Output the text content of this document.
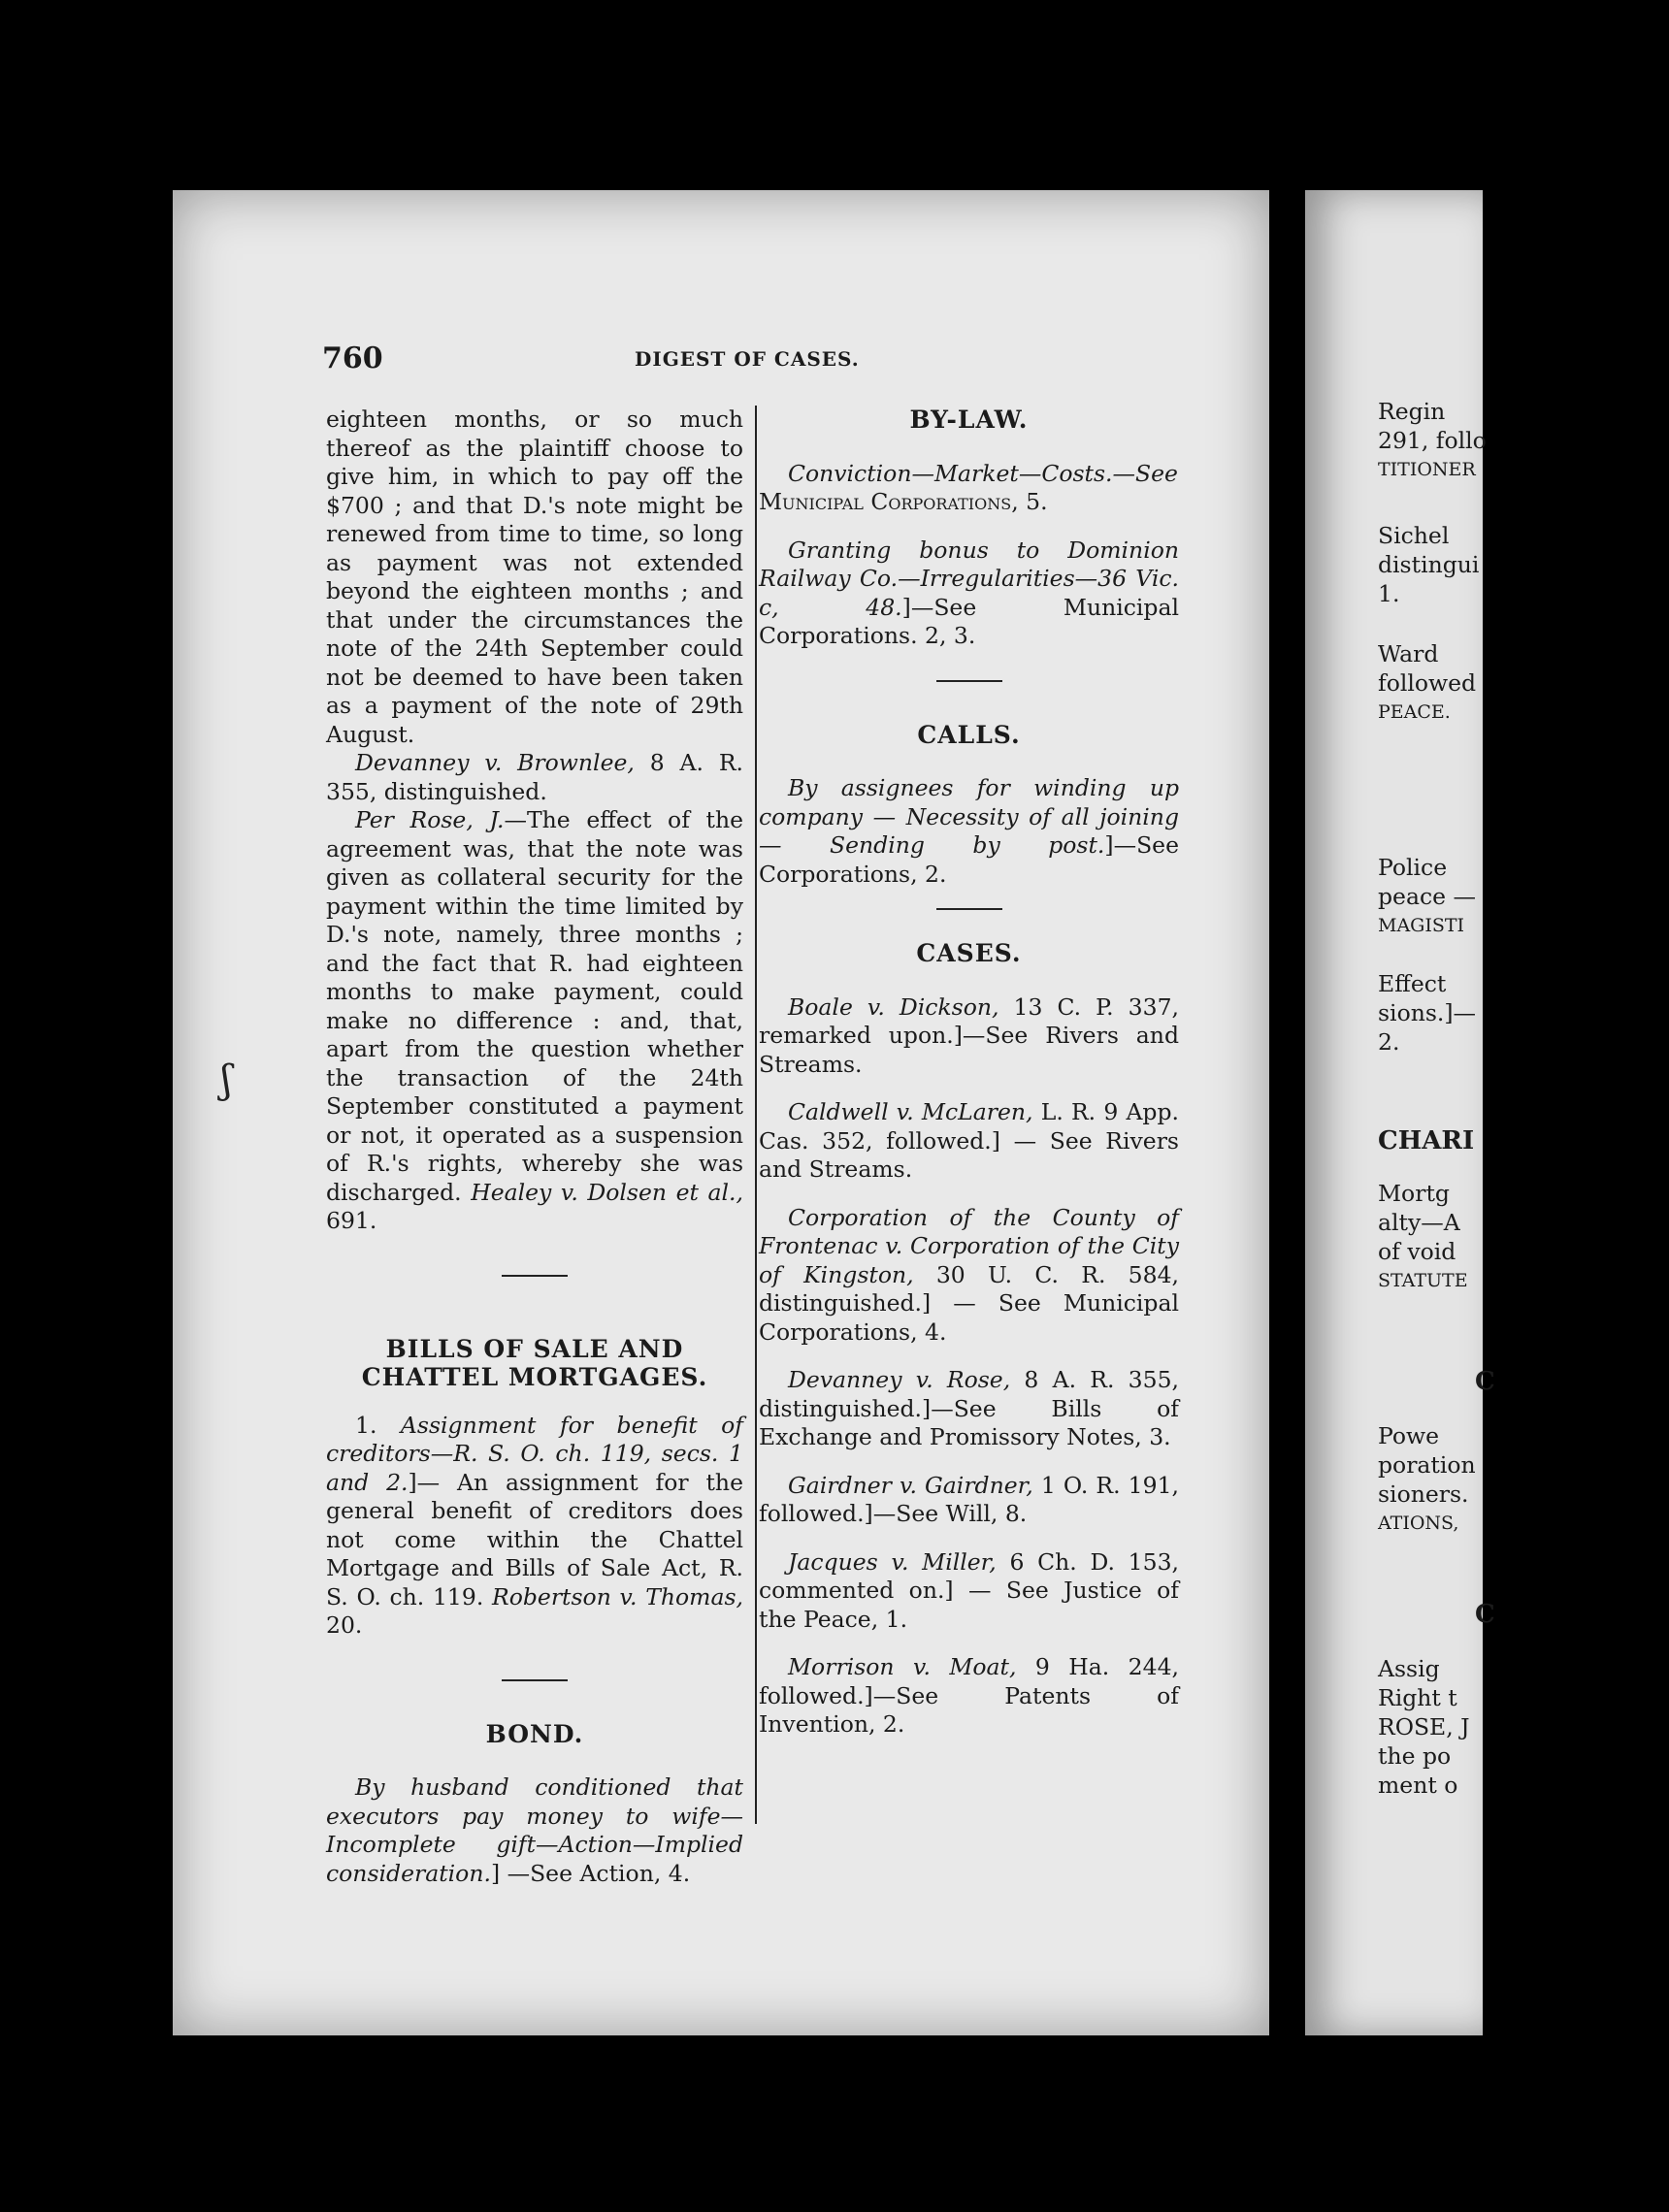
760	DIGEST OF CASES.

eighteen months, or so much thereof as the plaintiff choose to give him, in which to pay off the $700 ; and that D.'s note might be renewed from time to time, so long as payment was not extended beyond the eighteen months ; and that under the circumstances the note of the 24th September could not be deemed to have been taken as a payment of the note of 29th August.

Devanney v. Brownlee, 8 A. R. 355, distinguished.

Per Rose, J.—The effect of the agreement was, that the note was given as collateral security for the payment within the time limited by D.'s note, namely, three months ; and the fact that R. had eighteen months to make payment, could make no difference : and, that, apart from the question whether the transaction of the 24th September constituted a payment or not, it operated as a suspension of R.'s rights, whereby she was discharged. Healey v. Dolsen et al., 691.

BILLS OF SALE AND CHATTEL MORTGAGES.

1. Assignment for benefit of creditors—R. S. O. ch. 119, secs. 1 and 2.]— An assignment for the general benefit of creditors does not come within the Chattel Mortgage and Bills of Sale Act, R. S. O. ch. 119. Robertson v. Thomas, 20.

BOND.

By husband conditioned that executors pay money to wife—Incomplete gift—Action—Implied consideration.] —See Action, 4.

BY-LAW.

Conviction—Market—Costs.—See Municipal Corporations, 5.

Granting bonus to Dominion Railway Co.—Irregularities—36 Vic. c, 48.]—See Municipal Corporations. 2, 3.

CALLS.

By assignees for winding up company — Necessity of all joining— Sending by post.]—See Corporations, 2.

CASES.

Boale v. Dickson, 13 C. P. 337, remarked upon.]—See Rivers and Streams.

Caldwell v. McLaren, L. R. 9 App. Cas. 352, followed.] — See Rivers and Streams.

Corporation of the County of Frontenac v. Corporation of the City of Kingston, 30 U. C. R. 584, distinguished.] — See Municipal Corporations, 4.

Devanney v. Rose, 8 A. R. 355, distinguished.]—See Bills of Exchange and Promissory Notes, 3.

Gairdner v. Gairdner, 1 O. R. 191, followed.]—See Will, 8.

Jacques v. Miller, 6 Ch. D. 153, commented on.] — See Justice of the Peace, 1.

Morrison v. Moat, 9 Ha. 244, followed.]—See Patents of Invention, 2.

Regin
291, follo
TITIONER
Sichel
distingui
1.
Ward
followed
PEACE.
Police
peace —
MAGISTI
Effect
sions.]—
2.
CHARI
Mortg
alty—A
of void
STATUTE
C
Powe
poration
sioners.
ATIONS,
C
Assig
Right t
ROSE, J
the po
ment o
ʃ
